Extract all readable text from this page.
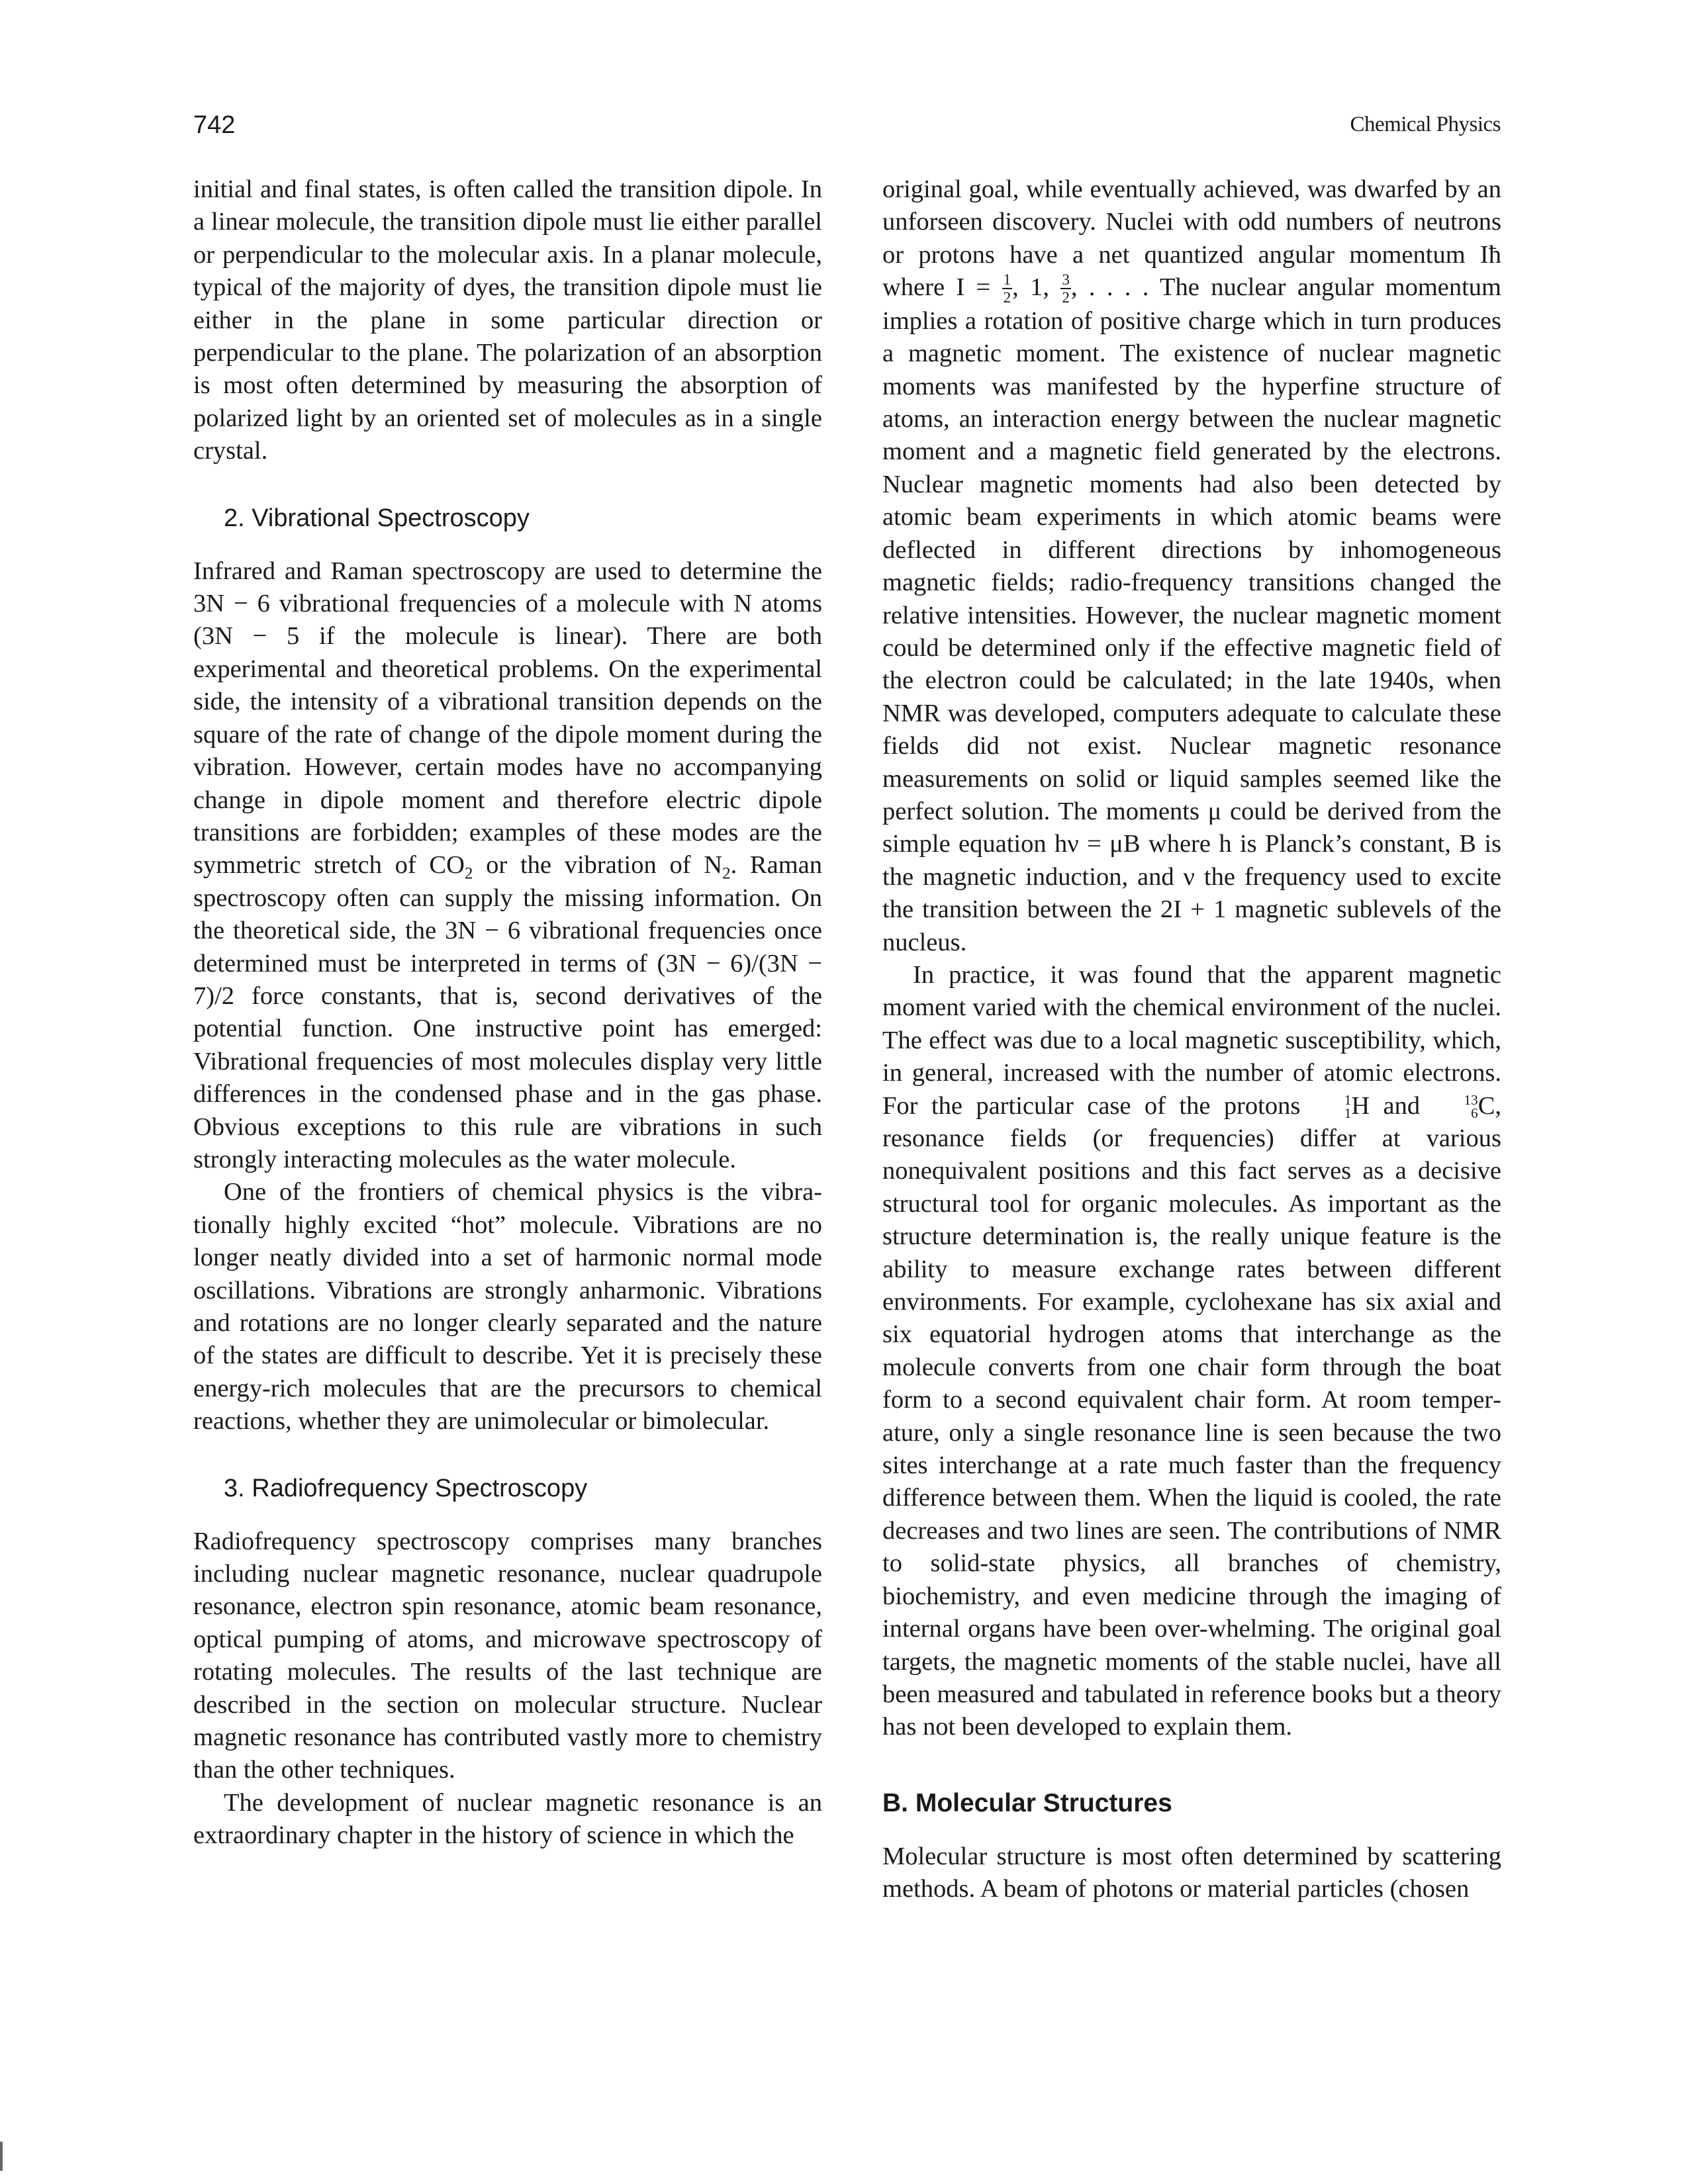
742	Chemical Physics

initial and final states, is often called the transition dipole. In a linear molecule, the transition dipole must lie either parallel or perpendicular to the molecular axis. In a planar molecule, typical of the majority of dyes, the transition dipole must lie either in the plane in some particular direction or perpendicular to the plane. The polarization of an absorption is most often determined by measuring the absorption of polarized light by an oriented set of molecules as in a single crystal.

2. Vibrational Spectroscopy

Infrared and Raman spectroscopy are used to determine the 3N − 6 vibrational frequencies of a molecule with N atoms (3N − 5 if the molecule is linear). There are both experimental and theoretical problems. On the experimental side, the intensity of a vibrational transition depends on the square of the rate of change of the dipole moment during the vibration. However, certain modes have no accompanying change in dipole moment and therefore electric dipole transitions are forbidden; examples of these modes are the symmetric stretch of $CO_2$ or the vibration of $N_2$. Raman spectroscopy often can supply the missing information. On the theoretical side, the 3N − 6 vibrational frequencies once determined must be interpreted in terms of (3N − 6)/(3N − 7)/2 force constants, that is, second derivatives of the potential function. One instructive point has emerged: Vibrational frequencies of most molecules display very little differences in the condensed phase and in the gas phase. Obvious exceptions to this rule are vibrations in such strongly interacting molecules as the water molecule.

One of the frontiers of chemical physics is the vibrationally highly excited “hot” molecule. Vibrations are no longer neatly divided into a set of harmonic normal mode oscillations. Vibrations are strongly anharmonic. Vibrations and rotations are no longer clearly separated and the nature of the states are difficult to describe. Yet it is precisely these energy-rich molecules that are the precursors to chemical reactions, whether they are unimolecular or bimolecular.

3. Radiofrequency Spectroscopy

Radiofrequency spectroscopy comprises many branches including nuclear magnetic resonance, nuclear quadrupole resonance, electron spin resonance, atomic beam resonance, optical pumping of atoms, and microwave spectroscopy of rotating molecules. The results of the last technique are described in the section on molecular structure. Nuclear magnetic resonance has contributed vastly more to chemistry than the other techniques.

The development of nuclear magnetic resonance is an extraordinary chapter in the history of science in which the

original goal, while eventually achieved, was dwarfed by an unforseen discovery. Nuclei with odd numbers of neutrons or protons have a net quantized angular momentum Iħ where $I = \frac{1}{2}$ , 1, $\frac{3}{2}$ , . . . . The nuclear angular momentum implies a rotation of positive charge which in turn produces a magnetic moment. The existence of nuclear magnetic moments was manifested by the hyperfine structure of atoms, an interaction energy between the nuclear magnetic moment and a magnetic field generated by the electrons. Nuclear magnetic moments had also been detected by atomic beam experiments in which atomic beams were deflected in different directions by inhomogeneous magnetic fields; radio-frequency transitions changed the relative intensities. However, the nuclear magnetic moment could be determined only if the effective magnetic field of the electron could be calculated; in the late 1940s, when NMR was developed, computers adequate to calculate these fields did not exist. Nuclear magnetic resonance measurements on solid or liquid samples seemed like the perfect solution. The moments μ could be derived from the simple equation hν = μB where h is Planck’s constant, B is the magnetic induction, and ν the frequency used to excite the transition between the 2I + 1 magnetic sublevels of the nucleus.

In practice, it was found that the apparent magnetic moment varied with the chemical environment of the nuclei. The effect was due to a local magnetic susceptibility, which, in general, increased with the number of atomic electrons. For the particular case of the protons	1
1 H and	13
6 C, resonance fields (or frequencies) differ at various nonequivalent positions and this fact serves as a decisive structural tool for organic molecules. As important as the structure determination is, the really unique feature is the ability to measure exchange rates between different environments. For example, cyclohexane has six axial and six equatorial hydrogen atoms that interchange as the molecule converts from one chair form through the boat form to a second equivalent chair form. At room temperature, only a single resonance line is seen because the two sites interchange at a rate much faster than the frequency difference between them. When the liquid is cooled, the rate decreases and two lines are seen. The contributions of NMR to solid-state physics, all branches of chemistry, biochemistry, and even medicine through the imaging of internal organs have been over-whelming. The original goal targets, the magnetic moments of the stable nuclei, have all been measured and tabulated in reference books but a theory has not been developed to explain them.

B. Molecular Structures

Molecular structure is most often determined by scattering methods. A beam of photons or material particles (chosen
